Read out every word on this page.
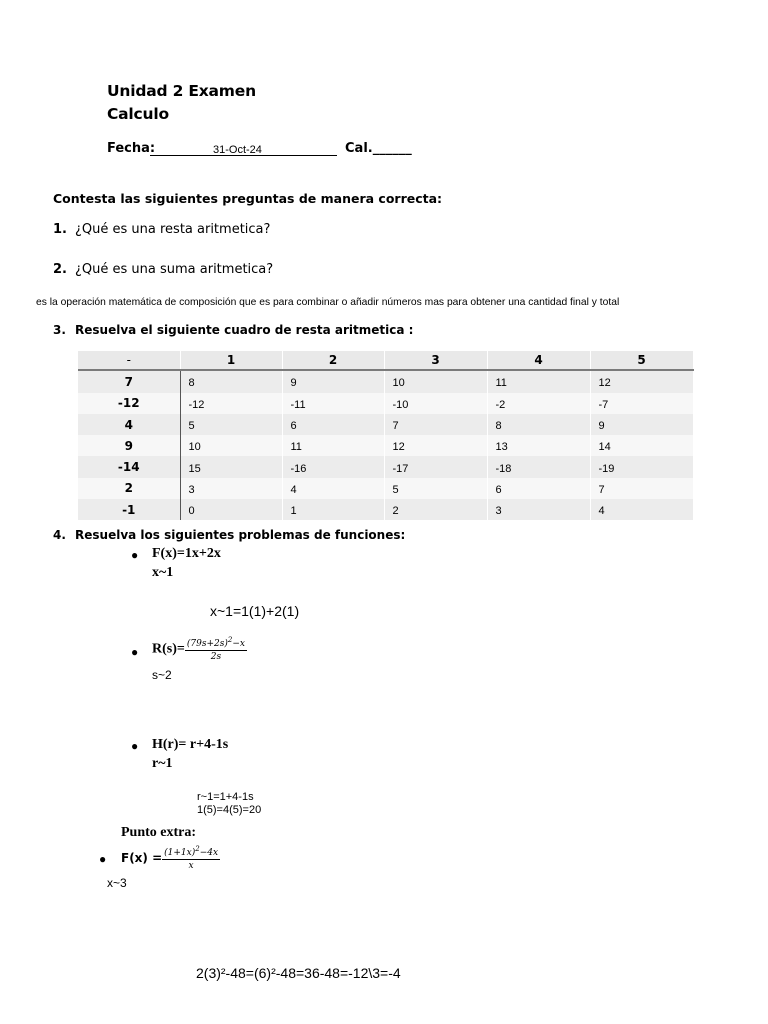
Unidad 2 Examen
Calculo
Fecha:	31-Oct-24	Cal.______
Contesta las siguientes preguntas de manera correcta:
1. ¿Qué es una resta aritmetica?
2. ¿Qué es una suma aritmetica?
es la operación matemática de composición que es para combinar o añadir números mas para obtener una cantidad final y total
3. Resuelva el siguiente cuadro de resta aritmetica :
-	1	2	3	4	5
7	8	9	10	11	12
-12	-12	-11	-10	-2	-7
4	5	6	7	8	9
9	10	11	12	13	14
-14	15	-16	-17	-18	-19
2	3	4	5	6	7
-1	0	1	2	3	4
4. Resuelva los siguientes problemas de funciones:
● F(x)=1x+2x
x~1
x~1=1(1)+2(1)
● $R(s)= \frac{(79s+2s)^2-x}{2s}$
s~2
● H(r)= r+4-1s
r~1
r~1=1+4-1s
1(5)=4(5)=20
Punto extra:
● $F(x) = \frac{(1+1x)^2-4x}{x}$
x~3
2(3)²-48=(6)²-48=36-48=-12\3=-4
